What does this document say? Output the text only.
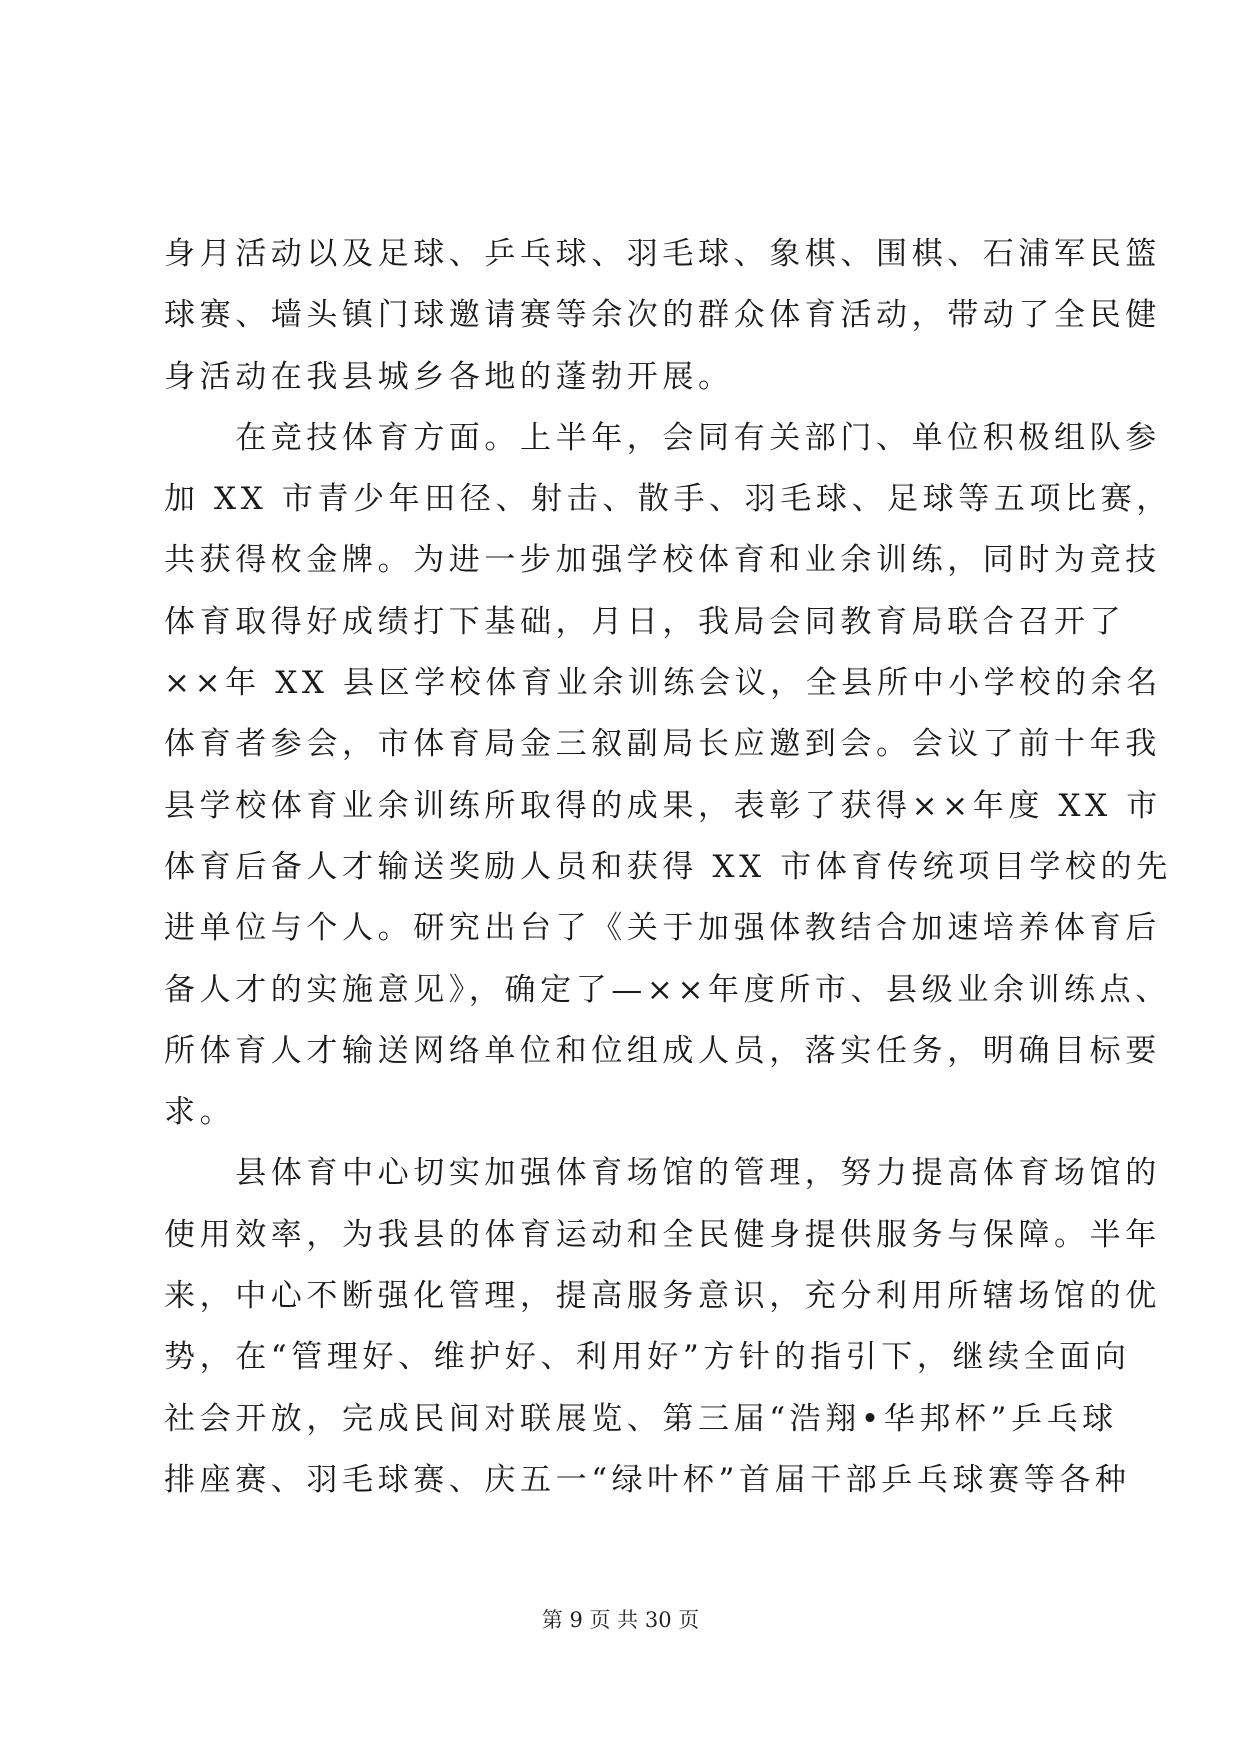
身月活动以及足球、乒乓球、羽毛球、象棋、围棋、石浦军民篮
球赛、墙头镇门球邀请赛等余次的群众体育活动，带动了全民健
身活动在我县城乡各地的蓬勃开展。
　　在竞技体育方面。上半年，会同有关部门、单位积极组队参
加 XX 市青少年田径、射击、散手、羽毛球、足球等五项比赛，
共获得枚金牌。为进一步加强学校体育和业余训练，同时为竞技
体育取得好成绩打下基础，月日，我局会同教育局联合召开了
××年 XX 县区学校体育业余训练会议，全县所中小学校的余名
体育者参会，市体育局金三叙副局长应邀到会。会议了前十年我
县学校体育业余训练所取得的成果，表彰了获得××年度 XX 市
体育后备人才输送奖励人员和获得 XX 市体育传统项目学校的先
进单位与个人。研究出台了《关于加强体教结合加速培养体育后
备人才的实施意见》，确定了—××年度所市、县级业余训练点、
所体育人才输送网络单位和位组成人员，落实任务，明确目标要
求。
　　县体育中心切实加强体育场馆的管理，努力提高体育场馆的
使用效率，为我县的体育运动和全民健身提供服务与保障。半年
来，中心不断强化管理，提高服务意识，充分利用所辖场馆的优
势，在“管理好、维护好、利用好”方针的指引下，继续全面向
社会开放，完成民间对联展览、第三届“浩翔•华邦杯”乒乓球
排座赛、羽毛球赛、庆五一“绿叶杯”首届干部乒乓球赛等各种
第 9 页 共 30 页
